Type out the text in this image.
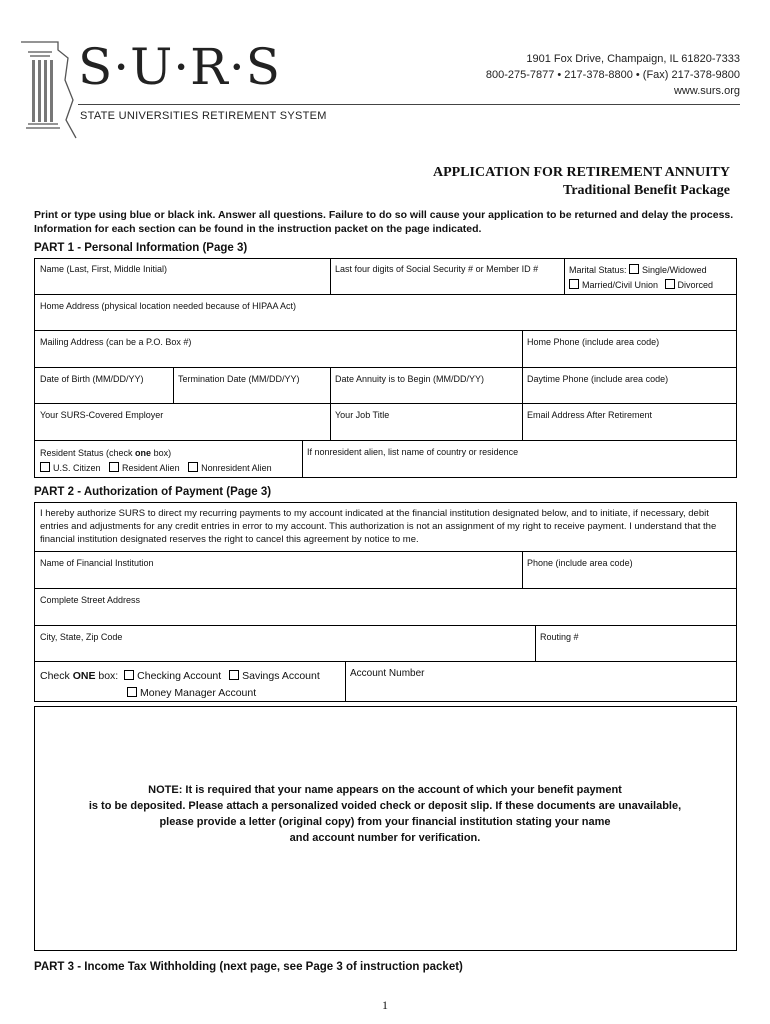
S·U·R·S
STATE UNIVERSITIES RETIREMENT SYSTEM
1901 Fox Drive, Champaign, IL 61820-7333
800-275-7877 • 217-378-8800 • (Fax) 217-378-9800
www.surs.org
APPLICATION FOR RETIREMENT ANNUITY
Traditional Benefit Package
Print or type using blue or black ink. Answer all questions. Failure to do so will cause your application to be returned and delay the process. Information for each section can be found in the instruction packet on the page indicated.
PART 1 - Personal Information (Page 3)
Name (Last, First, Middle Initial)	Last four digits of Social Security # or Member ID #	Marital Status: Single/Widowed
Married/Civil Union Divorced
Home Address (physical location needed because of HIPAA Act)
Mailing Address (can be a P.O. Box #)	Home Phone (include area code)
Date of Birth (MM/DD/YY)	Termination Date (MM/DD/YY)	Date Annuity is to Begin (MM/DD/YY)	Daytime Phone (include area code)
Your SURS-Covered Employer	Your Job Title	Email Address After Retirement
Resident Status (check one box)
U.S. Citizen Resident Alien Nonresident Alien
If nonresident alien, list name of country or residence
PART 2 - Authorization of Payment (Page 3)
I hereby authorize SURS to direct my recurring payments to my account indicated at the financial institution designated below, and to initiate, if necessary, debit entries and adjustments for any credit entries in error to my account. This authorization is not an assignment of my right to receive payment. I understand that the financial institution designated reserves the right to cancel this agreement by notice to me.
Name of Financial Institution	Phone (include area code)
Complete Street Address
City, State, Zip Code	Routing #
Check ONE box: Checking Account Savings Account
Money Manager Account
Account Number
NOTE: It is required that your name appears on the account of which your benefit payment
is to be deposited. Please attach a personalized voided check or deposit slip. If these documents are unavailable,
please provide a letter (original copy) from your financial institution stating your name
and account number for verification.
PART 3 - Income Tax Withholding (next page, see Page 3 of instruction packet)
1
